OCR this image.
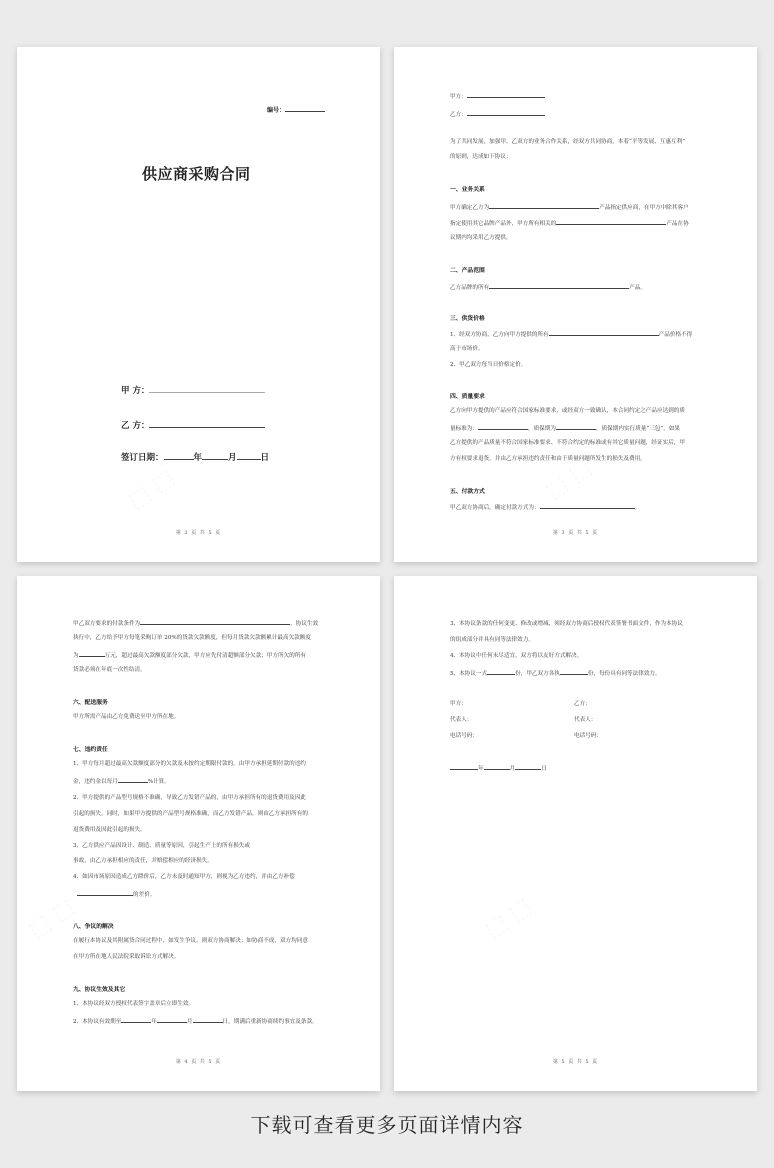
编号：
供应商采购合同
甲 方：
乙 方：
签订日期：	年	月	日
第 2 页 共 5 页
甲方：
乙方：
为了共同发展，加强甲、乙双方的业务合作关系，经双方共同协商，本着“平等发展、互惠互利”
的原则，达成如下协议：
一、业务关系
甲方确定乙方为	产品指定供应商，在甲方中除其客户
指定使用其它品牌产品外，甲方所有相关的	产品在协
议期内均采用乙方提供。
二、产品范围
乙方品牌的所有	产品。
三、供货价格
1、经双方协商，乙方向甲方提供的所有	产品价格不得
高于市场价。
2、甲乙双方每当日价格定价。
四、质量要求
乙方向甲方提供的产品应符合国家标准要求，或经双方一致确认，本合同约定之产品应达到的质
量标准为：	，质保期为	，质保期内实行质量“三包”，如果
乙方提供的产品质量不符合国家标准要求、不符合约定的标准或有其它质量问题，经证实后，甲
方有权要求退货，并由乙方承担违约责任和由于质量问题所发生的损失及费用。
五、付款方式
甲乙双方协商后，确定付款方式为：	。
第 3 页 共 5 页
甲乙双方要求的付款条件为	，协议生效
执行中，乙方给予甲方每笔采购订单 20%的货款欠款额度，但每月货款欠款额累计最高欠款额度
为	万元，超过最高欠款额度部分欠款，甲方应先付清超额部分欠款；甲方所欠的所有
货款必须在年底一次性结清。
六、配送服务
甲方所需产品由乙方免费送至甲方所在地。
七、违约责任
1、甲方每月超过最高欠款额度部分的欠款及未按约定期限付款的，由甲方承担延期付款的违约
金，违约金以每月	%计算。
2、甲方提供的产品型号规格不准确，导致乙方发错产品的，由甲方承担所有的退货费用及因此
引起的损失。同时，如果甲方提供的产品型号规格准确，而乙方发错产品，则由乙方承担所有的
退货费用及因此引起的损失。
3、乙方供应产品因设计、制造、质量等原因，引起生产上的所有损失或
事故，由乙方承担相应的责任，并赔偿相应的经济损失。
4、如因市场原因造成乙方降价后，乙方未及时通知甲方，则视为乙方违约，并由乙方补偿
的差价。
八、争议的解决
在履行本协议及其附属货合同过程中，如发生争议，则双方协商解决；如协商不成，双方均同意
在甲方所在地人民法院采取诉讼方式解决。
九、协议生效及其它
1、本协议经双方授权代表签字盖章后立即生效。
2、本协议有效期至	年	月	日，期满后重新协商续约事宜及条款。
第 4 页 共 5 页
3、本协议条款的任何变更、修改或增减，须经双方协商后授权代表签署书面文件，作为本协议
的组成部分并具有同等法律效力。
4、本协议中任何未尽适宜，双方将以友好方式解决。
5、本协议一式	份，甲乙双方各执	份，每份具有同等法律效力。
甲方：	乙方：
代表人：	代表人：
电话号码：	电话号码：
年	月	日
第 5 页 共 5 页
下载可查看更多页面详情内容
